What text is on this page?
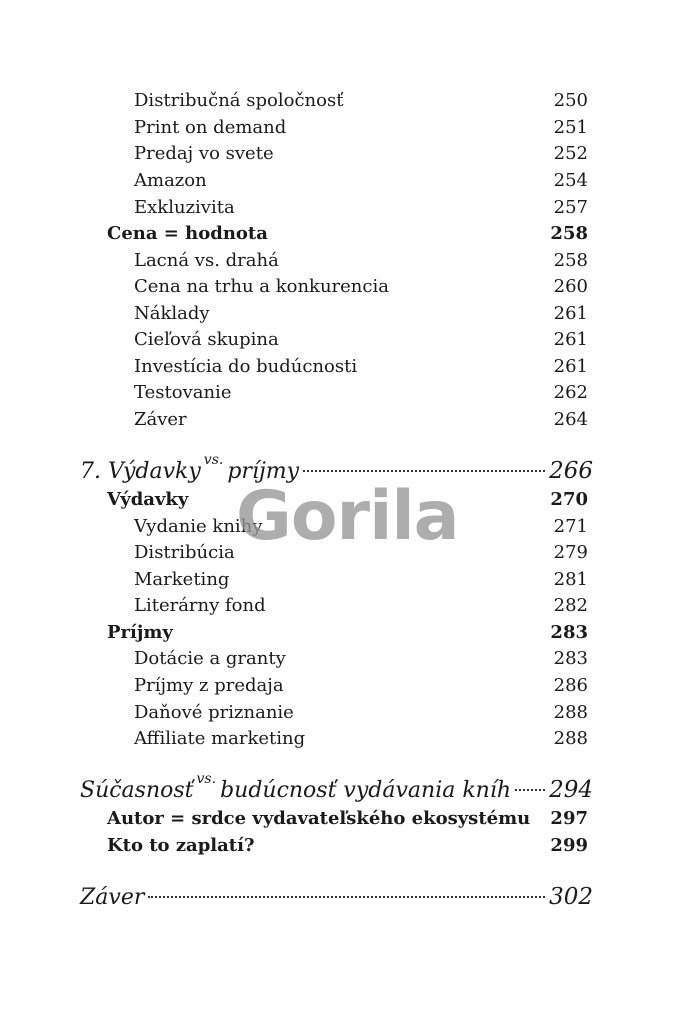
Distribučná spoločnosť	250
Print on demand	251
Predaj vo svete	252
Amazon	254
Exkluzivita	257
Cena = hodnota	258
Lacná vs. drahá	258
Cena na trhu a konkurencia	260
Náklady	261
Cieľová skupina	261
Investícia do budúcnosti	261
Testovanie	262
Záver	264
7. Výdavky vs. príjmy	266
Výdavky	270
Vydanie knihy	271
Distribúcia	279
Marketing	281
Literárny fond	282
Príjmy	283
Dotácie a granty	283
Príjmy z predaja	286
Daňové priznanie	288
Affiliate marketing	288
Súčasnosť vs. budúcnosť vydávania kníh 294
Autor = srdce vydavateľského ekosystému 297
Kto to zaplatí?	299
Záver	302
Gorila
